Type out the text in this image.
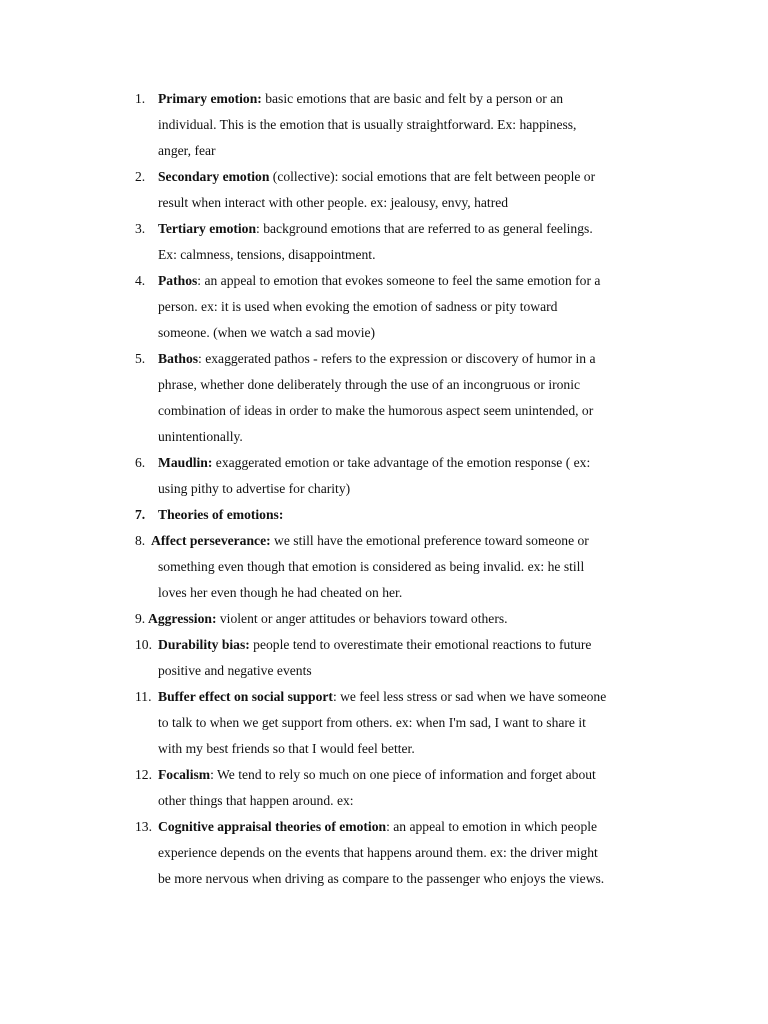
1. Primary emotion: basic emotions that are basic and felt by a person or an
individual. This is the emotion that is usually straightforward. Ex: happiness,
anger, fear
2. Secondary emotion (collective): social emotions that are felt between people or
result when interact with other people. ex: jealousy, envy, hatred
3. Tertiary emotion: background emotions that are referred to as general feelings.
Ex: calmness, tensions, disappointment.
4. Pathos: an appeal to emotion that evokes someone to feel the same emotion for a
person. ex: it is used when evoking the emotion of sadness or pity toward
someone. (when we watch a sad movie)
5. Bathos: exaggerated pathos - refers to the expression or discovery of humor in a
phrase, whether done deliberately through the use of an incongruous or ironic
combination of ideas in order to make the humorous aspect seem unintended, or
unintentionally.
6. Maudlin: exaggerated emotion or take advantage of the emotion response ( ex:
using pithy to advertise for charity)
7. Theories of emotions:
8. Affect perseverance: we still have the emotional preference toward someone or
something even though that emotion is considered as being invalid. ex: he still
loves her even though he had cheated on her.
9. Aggression: violent or anger attitudes or behaviors toward others.
10. Durability bias: people tend to overestimate their emotional reactions to future
positive and negative events
11. Buffer effect on social support: we feel less stress or sad when we have someone
to talk to when we get support from others. ex: when I'm sad, I want to share it
with my best friends so that I would feel better.
12. Focalism: We tend to rely so much on one piece of information and forget about
other things that happen around. ex:
13. Cognitive appraisal theories of emotion: an appeal to emotion in which people
experience depends on the events that happens around them. ex: the driver might
be more nervous when driving as compare to the passenger who enjoys the views.
